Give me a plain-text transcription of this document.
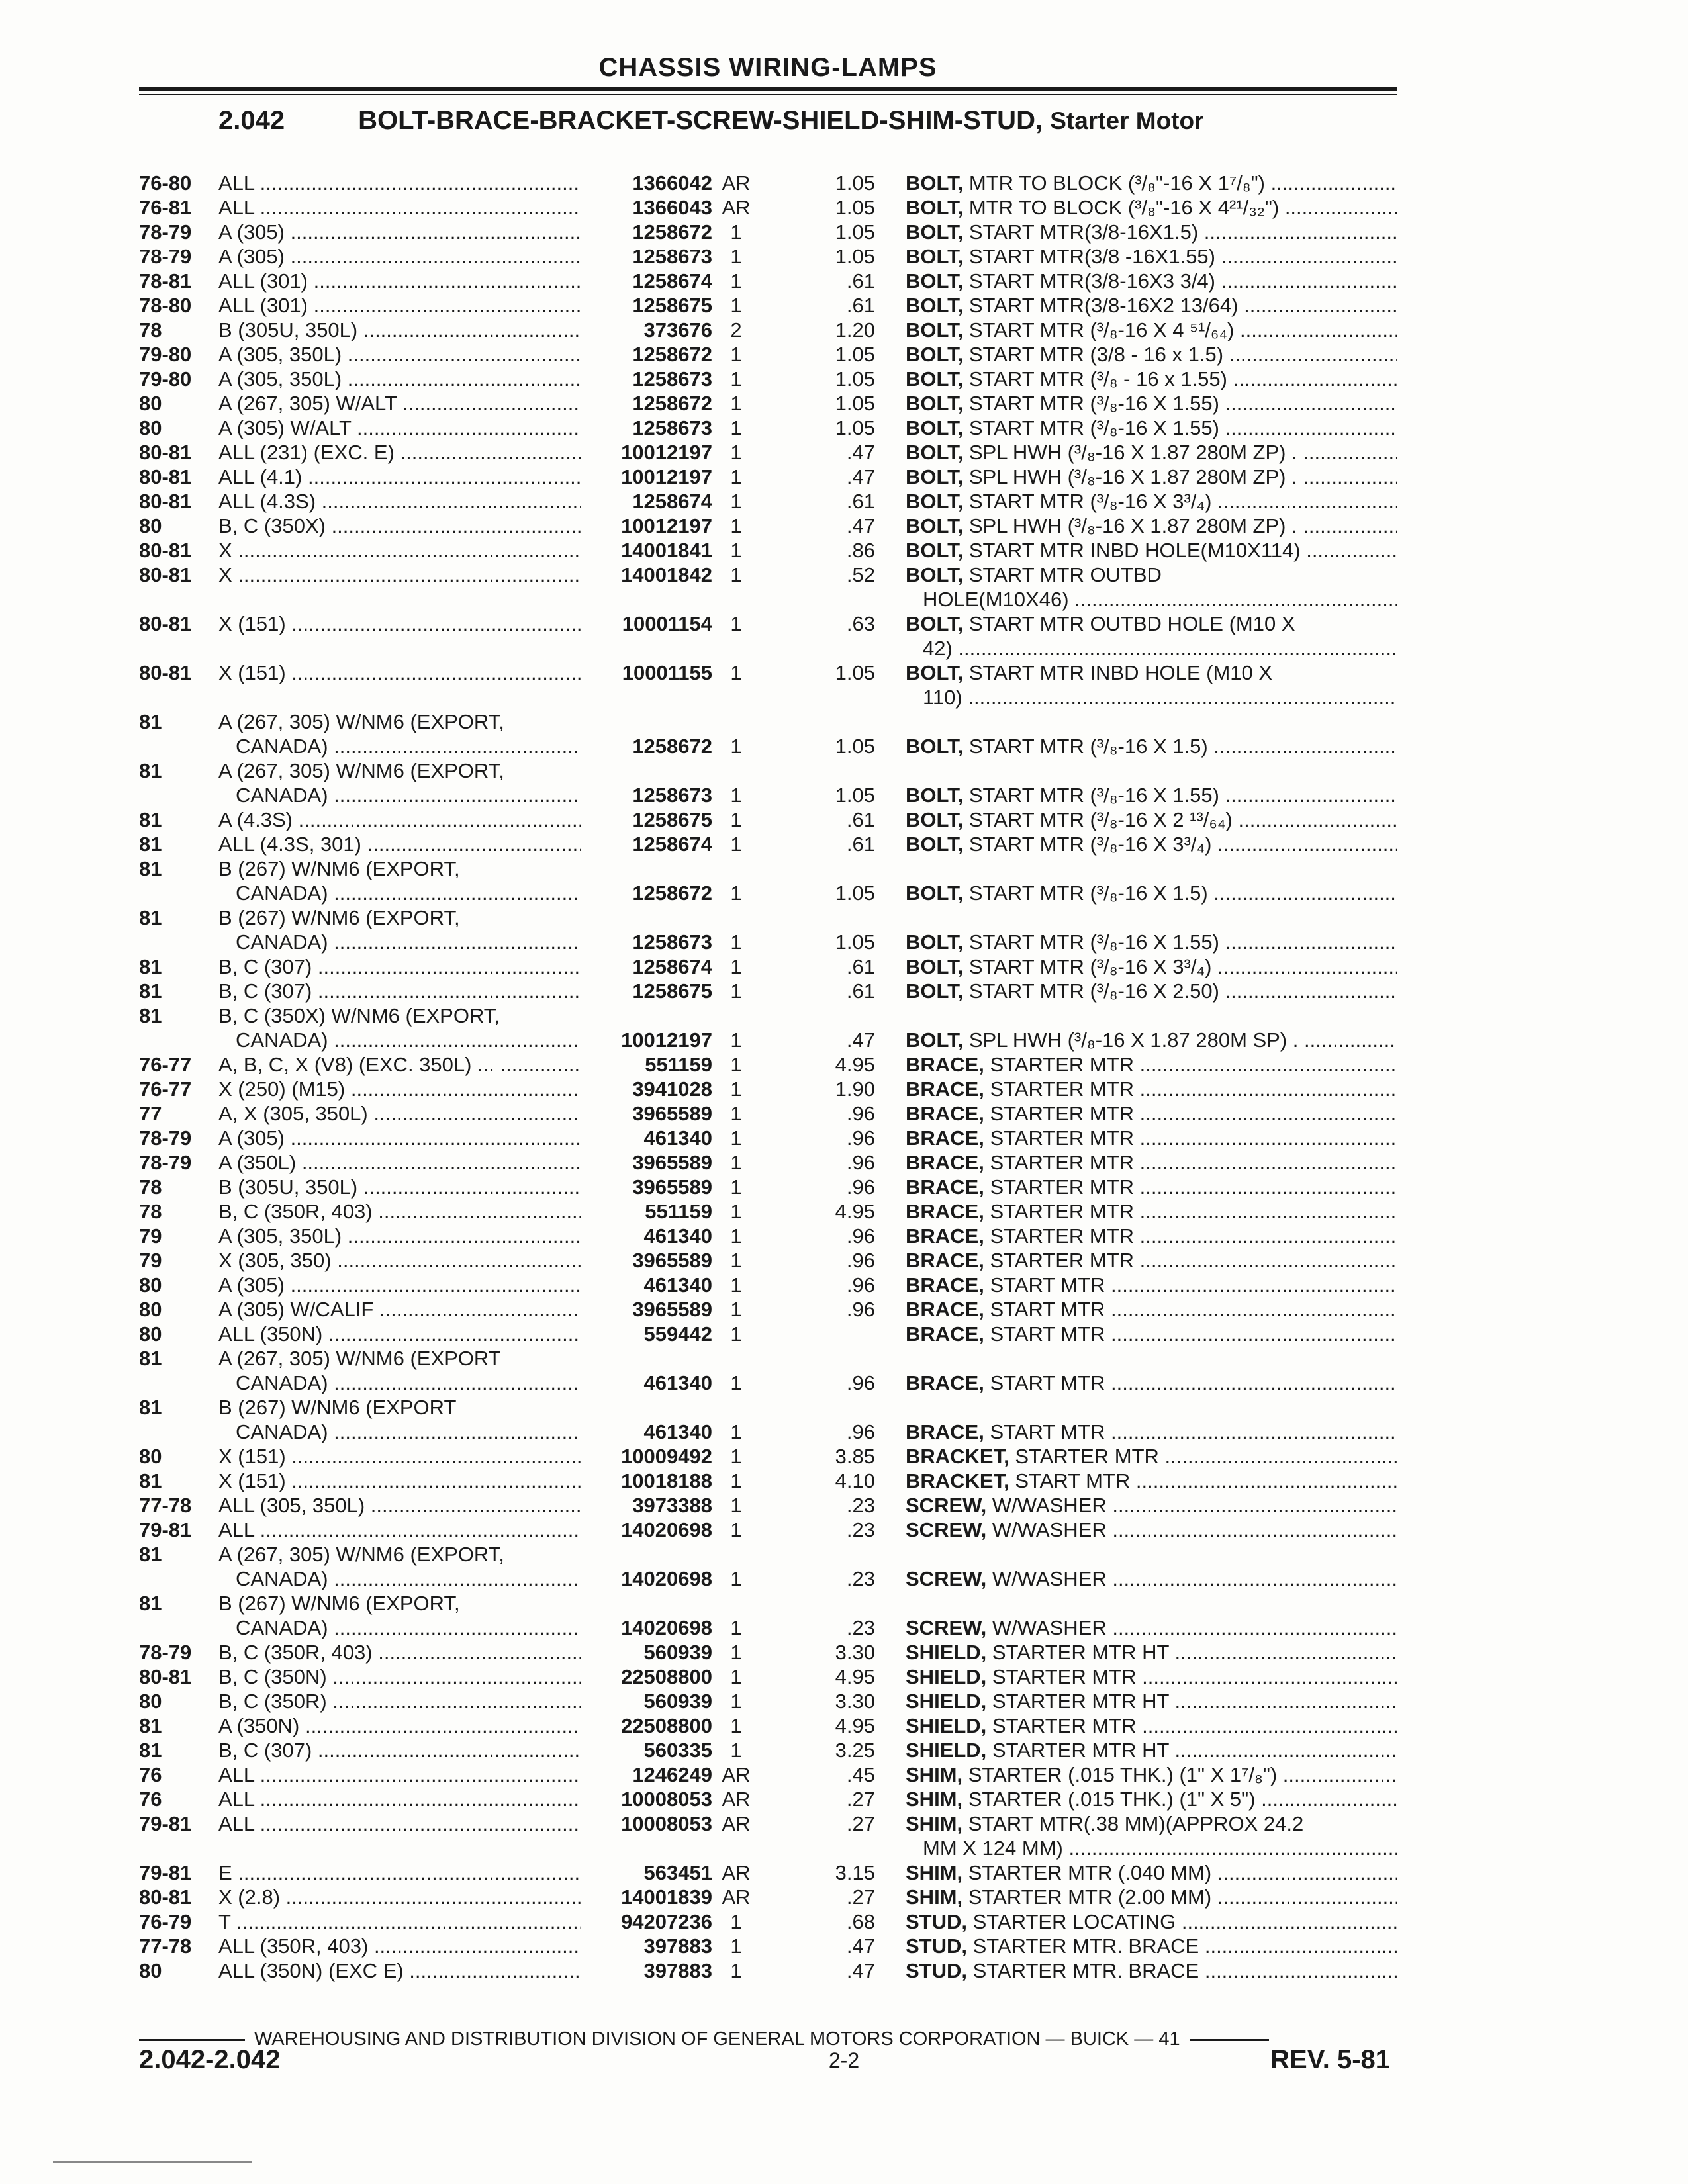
CHASSIS WIRING-LAMPS
2.042	BOLT-BRACE-BRACKET-SCREW-SHIELD-SHIM-STUD, Starter Motor
76-80	ALL .....	1366042	AR	1.05	BOLT, MTR TO BLOCK (³/₈"-16 X 1⁷/₈") .....

76-81	ALL .....	1366043	AR	1.05	BOLT, MTR TO BLOCK (³/₈"-16 X 4²¹/₃₂") .....

78-79	A (305) .....	1258672	1	1.05	BOLT, START MTR(3/8-16X1.5) .....

78-79	A (305) .....	1258673	1	1.05	BOLT, START MTR(3/8 -16X1.55) .....

78-81	ALL (301) .....	1258674	1	.61	BOLT, START MTR(3/8-16X3 3/4) .....

78-80	ALL (301) .....	1258675	1	.61	BOLT, START MTR(3/8-16X2 13/64) .....

78	B (305U, 350L) .....	373676	2	1.20	BOLT, START MTR (³/₈-16 X 4 ⁵¹/₆₄) .....

79-80	A (305, 350L) .....	1258672	1	1.05	BOLT, START MTR (3/8 - 16 x 1.5) .....

79-80	A (305, 350L) .....	1258673	1	1.05	BOLT, START MTR (³/₈ - 16 x 1.55) .....

80	A (267, 305) W/ALT .....	1258672	1	1.05	BOLT, START MTR (³/₈-16 X 1.55) .....

80	A (305) W/ALT .....	1258673	1	1.05	BOLT, START MTR (³/₈-16 X 1.55) .....

80-81	ALL (231) (EXC. E) .....	10012197	1	.47	BOLT, SPL HWH (³/₈-16 X 1.87 280M ZP) . .....

80-81	ALL (4.1) .....	10012197	1	.47	BOLT, SPL HWH (³/₈-16 X 1.87 280M ZP) . .....

80-81	ALL (4.3S) .....	1258674	1	.61	BOLT, START MTR (³/₈-16 X 3³/₄) .....

80	B, C (350X) .....	10012197	1	.47	BOLT, SPL HWH (³/₈-16 X 1.87 280M ZP) . .....

80-81	X .....	14001841	1	.86	BOLT, START MTR INBD HOLE(M10X114) .....

80-81	X .....	14001842	1	.52	BOLT, START MTR OUTBD
HOLE(M10X46) .....

80-81	X (151) .....	10001154	1	.63	BOLT, START MTR OUTBD HOLE (M10 X
42) .....

80-81	X (151) .....	10001155	1	1.05	BOLT, START MTR INBD HOLE (M10 X
110) .....

81	A (267, 305) W/NM6 (EXPORT,
CANADA) .....	1258672	1	1.05	BOLT, START MTR (³/₈-16 X 1.5) .....

81	A (267, 305) W/NM6 (EXPORT,
CANADA) .....	1258673	1	1.05	BOLT, START MTR (³/₈-16 X 1.55) .....

81	A (4.3S) .....	1258675	1	.61	BOLT, START MTR (³/₈-16 X 2 ¹³/₆₄) .....

81	ALL (4.3S, 301) .....	1258674	1	.61	BOLT, START MTR (³/₈-16 X 3³/₄) .....

81	B (267) W/NM6 (EXPORT,
CANADA) .....	1258672	1	1.05	BOLT, START MTR (³/₈-16 X 1.5) .....

81	B (267) W/NM6 (EXPORT,
CANADA) .....	1258673	1	1.05	BOLT, START MTR (³/₈-16 X 1.55) .....

81	B, C (307) .....	1258674	1	.61	BOLT, START MTR (³/₈-16 X 3³/₄) .....

81	B, C (307) .....	1258675	1	.61	BOLT, START MTR (³/₈-16 X 2.50) .....

81	B, C (350X) W/NM6 (EXPORT,
CANADA) .....	10012197	1	.47	BOLT, SPL HWH (³/₈-16 X 1.87 280M SP) . .....

76-77	A, B, C, X (V8) (EXC. 350L) ... .....	551159	1	4.95	BRACE, STARTER MTR .....

76-77	X (250) (M15) .....	3941028	1	1.90	BRACE, STARTER MTR .....

77	A, X (305, 350L) .....	3965589	1	.96	BRACE, STARTER MTR .....

78-79	A (305) .....	461340	1	.96	BRACE, STARTER MTR .....

78-79	A (350L) .....	3965589	1	.96	BRACE, STARTER MTR .....

78	B (305U, 350L) .....	3965589	1	.96	BRACE, STARTER MTR .....

78	B, C (350R, 403) .....	551159	1	4.95	BRACE, STARTER MTR .....

79	A (305, 350L) .....	461340	1	.96	BRACE, STARTER MTR .....

79	X (305, 350) .....	3965589	1	.96	BRACE, STARTER MTR .....

80	A (305) .....	461340	1	.96	BRACE, START MTR .....

80	A (305) W/CALIF .....	3965589	1	.96	BRACE, START MTR .....

80	ALL (350N) .....	559442	1		BRACE, START MTR .....

81	A (267, 305) W/NM6 (EXPORT
CANADA) .....	461340	1	.96	BRACE, START MTR .....

81	B (267) W/NM6 (EXPORT
CANADA) .....	461340	1	.96	BRACE, START MTR .....

80	X (151) .....	10009492	1	3.85	BRACKET, STARTER MTR .....

81	X (151) .....	10018188	1	4.10	BRACKET, START MTR .....

77-78	ALL (305, 350L) .....	3973388	1	.23	SCREW, W/WASHER .....

79-81	ALL .....	14020698	1	.23	SCREW, W/WASHER .....

81	A (267, 305) W/NM6 (EXPORT,
CANADA) .....	14020698	1	.23	SCREW, W/WASHER .....

81	B (267) W/NM6 (EXPORT,
CANADA) .....	14020698	1	.23	SCREW, W/WASHER .....

78-79	B, C (350R, 403) .....	560939	1	3.30	SHIELD, STARTER MTR HT .....

80-81	B, C (350N) .....	22508800	1	4.95	SHIELD, STARTER MTR .....

80	B, C (350R) .....	560939	1	3.30	SHIELD, STARTER MTR HT .....

81	A (350N) .....	22508800	1	4.95	SHIELD, STARTER MTR .....

81	B, C (307) .....	560335	1	3.25	SHIELD, STARTER MTR HT .....

76	ALL .....	1246249	AR	.45	SHIM, STARTER (.015 THK.) (1" X 1⁷/₈") .....

76	ALL .....	10008053	AR	.27	SHIM, STARTER (.015 THK.) (1" X 5") .....

79-81	ALL .....	10008053	AR	.27	SHIM, START MTR(.38 MM)(APPROX 24.2
MM X 124 MM) .....

79-81	E .....	563451	AR	3.15	SHIM, STARTER MTR (.040 MM) .....

80-81	X (2.8) .....	14001839	AR	.27	SHIM, STARTER MTR (2.00 MM) .....

76-79	T .....	94207236	1	.68	STUD, STARTER LOCATING .....

77-78	ALL (350R, 403) .....	397883	1	.47	STUD, STARTER MTR. BRACE .....

80	ALL (350N) (EXC E) .....	397883	1	.47	STUD, STARTER MTR. BRACE .....
WAREHOUSING AND DISTRIBUTION DIVISION OF GENERAL MOTORS CORPORATION — BUICK — 41
2.042-2.042	2-2	REV. 5-81
